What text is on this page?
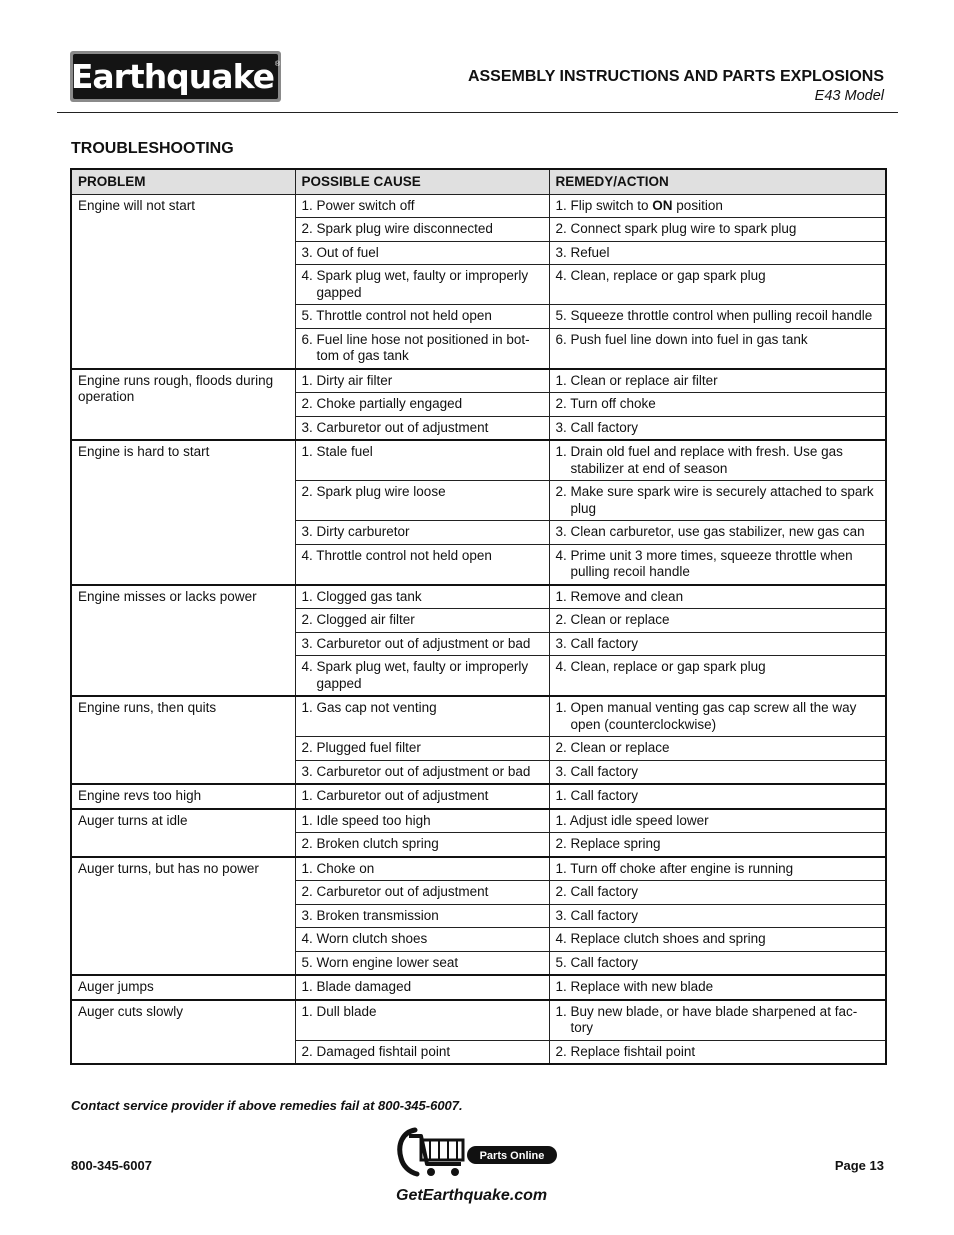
Earthquake ®
ASSEMBLY INSTRUCTIONS AND PARTS EXPLOSIONS
E43 Model
TROUBLESHOOTING
PROBLEM	POSSIBLE CAUSE	REMEDY/ACTION
Engine will not start	1. Power switch off	1. Flip switch to ON position

	2. Spark plug wire disconnected	2. Connect spark plug wire to spark plug

	3. Out of fuel	3. Refuel

	4. Spark plug wet, faulty or improperly gapped	4. Clean, replace or gap spark plug

	5. Throttle control not held open	5. Squeeze throttle control when pulling recoil handle

	6. Fuel line hose not positioned in bot-tom of gas tank	6. Push fuel line down into fuel in gas tank

Engine runs rough, floods during operation	1. Dirty air filter	1. Clean or replace air filter

	2. Choke partially engaged	2. Turn off choke

	3. Carburetor out of adjustment	3. Call factory

Engine is hard to start	1. Stale fuel	1. Drain old fuel and replace with fresh. Use gas stabilizer at end of season

	2. Spark plug wire loose	2. Make sure spark wire is securely attached to spark plug

	3. Dirty carburetor	3. Clean carburetor, use gas stabilizer, new gas can

	4. Throttle control not held open	4. Prime unit 3 more times, squeeze throttle when pulling recoil handle

Engine misses or lacks power	1. Clogged gas tank	1. Remove and clean

	2. Clogged air filter	2. Clean or replace

	3. Carburetor out of adjustment or bad	3. Call factory

	4. Spark plug wet, faulty or improperly gapped	4. Clean, replace or gap spark plug

Engine runs, then quits	1. Gas cap not venting	1. Open manual venting gas cap screw all the way open (counterclockwise)

	2. Plugged fuel filter	2. Clean or replace

	3. Carburetor out of adjustment or bad	3. Call factory

Engine revs too high	1. Carburetor out of adjustment	1. Call factory

Auger turns at idle	1. Idle speed too high	1. Adjust idle speed lower

	2. Broken clutch spring	2. Replace spring

Auger turns, but has no power	1. Choke on	1. Turn off choke after engine is running

	2. Carburetor out of adjustment	2. Call factory

	3. Broken transmission	3. Call factory

	4. Worn clutch shoes	4. Replace clutch shoes and spring

	5. Worn engine lower seat	5. Call factory

Auger jumps	1. Blade damaged	1. Replace with new blade

Auger cuts slowly	1. Dull blade	1. Buy new blade, or have blade sharpened at fac-tory

	2. Damaged fishtail point	2. Replace fishtail point
Contact service provider if above remedies fail at 800-345-6007.
800-345-6007	Page 13
Parts Online
GetEarthquake.com
